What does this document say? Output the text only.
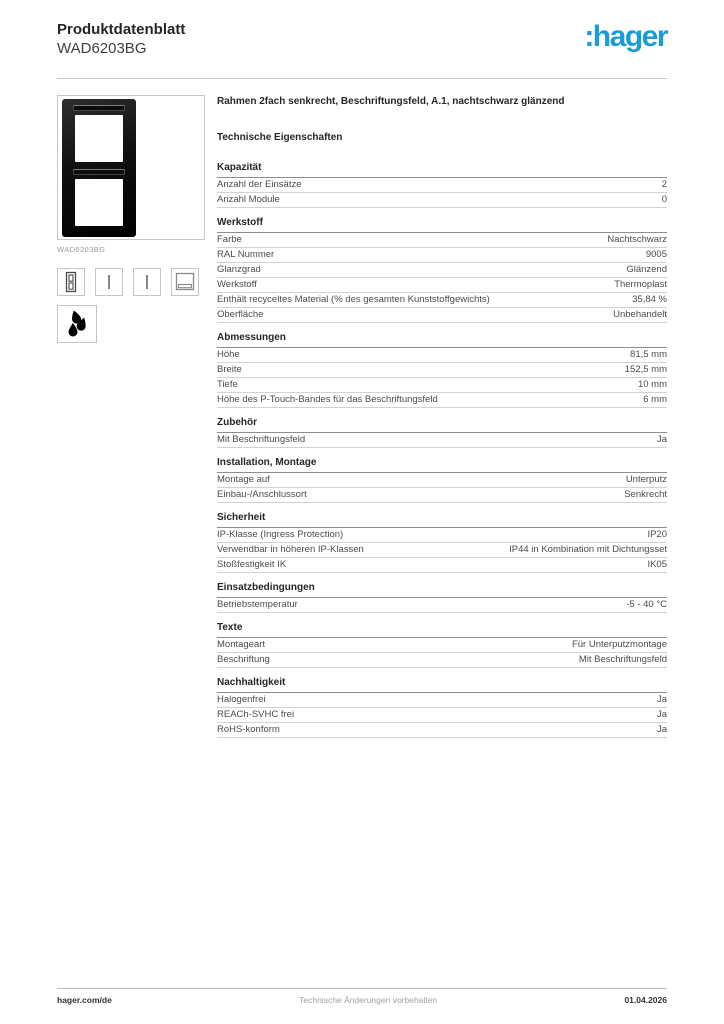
Produktdatenblatt
WAD6203BG	:hager
WAD6203BG
Rahmen 2fach senkrecht, Beschriftungsfeld, A.1, nachtschwarz glänzend
Technische Eigenschaften
Kapazität
Anzahl der Einsätze	2
Anzahl Module	0
Werkstoff
Farbe	Nachtschwarz
RAL Nummer	9005
Glanzgrad	Glänzend
Werkstoff	Thermoplast
Enthält recyceltes Material (% des gesamten Kunststoffgewichts)	35,84 %
Oberfläche	Unbehandelt
Abmessungen
Höhe	81,5 mm
Breite	152,5 mm
Tiefe	10 mm
Höhe des P-Touch-Bandes für das Beschriftungsfeld	6 mm
Zubehör
Mit Beschriftungsfeld	Ja
Installation, Montage
Montage auf	Unterputz
Einbau-/Anschlussort	Senkrecht
Sicherheit
IP-Klasse (Ingress Protection)	IP20
Verwendbar in höheren IP-Klassen	IP44 in Kombination mit Dichtungsset
Stoßfestigkeit IK	IK05
Einsatzbedingungen
Betriebstemperatur	-5 - 40 °C
Texte
Montageart	Für Unterputzmontage
Beschriftung	Mit Beschriftungsfeld
Nachhaltigkeit
Halogenfrei	Ja
REACh-SVHC frei	Ja
RoHS-konform	Ja
hager.com/de	Technische Änderungen vorbehalten	01.04.2026
